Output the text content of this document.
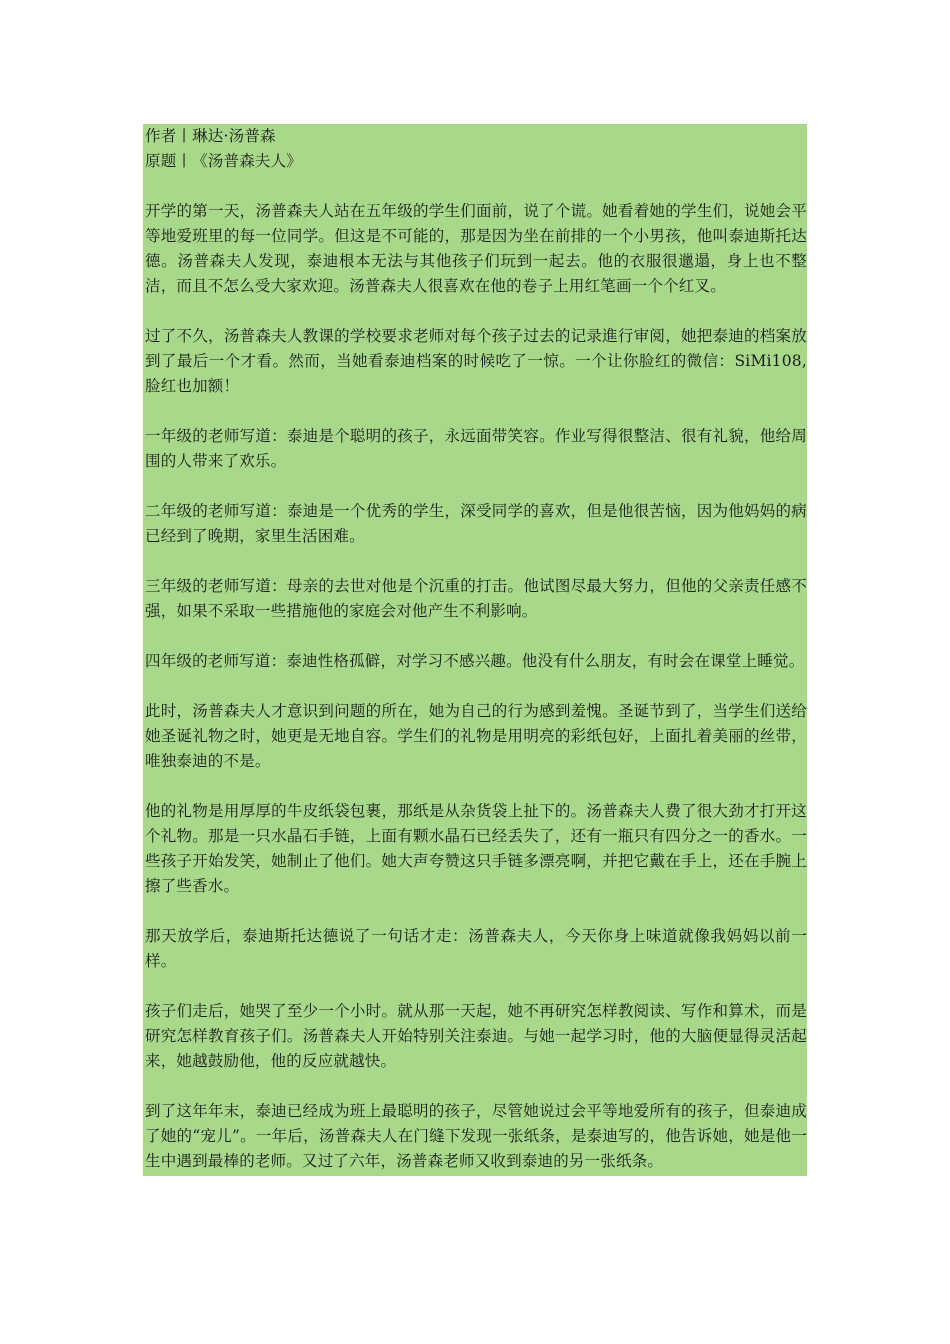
作者丨琳达·汤普森

原题丨《汤普森夫人》

开学的第一天，汤普森夫人站在五年级的学生们面前，说了个谎。她看着她的学生们，说她会平等地爱班里的每一位同学。但这是不可能的，那是因为坐在前排的一个小男孩，他叫泰迪斯托达德。汤普森夫人发现，泰迪根本无法与其他孩子们玩到一起去。他的衣服很邋遢，身上也不整洁，而且不怎么受大家欢迎。汤普森夫人很喜欢在他的卷子上用红笔画一个个红叉。

过了不久，汤普森夫人教课的学校要求老师对每个孩子过去的记录進行审阅，她把泰迪的档案放到了最后一个才看。然而，当她看泰迪档案的时候吃了一惊。一个让你脸红的微信：SiMi108,脸红也加额！

一年级的老师写道：泰迪是个聪明的孩子，永远面带笑容。作业写得很整洁、很有礼貌，他给周围的人带来了欢乐。

二年级的老师写道：泰迪是一个优秀的学生，深受同学的喜欢，但是他很苦恼，因为他妈妈的病已经到了晚期，家里生活困难。

三年级的老师写道：母亲的去世对他是个沉重的打击。他试图尽最大努力，但他的父亲责任感不强，如果不采取一些措施他的家庭会对他产生不利影响。

四年级的老师写道：泰迪性格孤僻，对学习不感兴趣。他没有什么朋友，有时会在课堂上睡觉。

此时，汤普森夫人才意识到问题的所在，她为自己的行为感到羞愧。圣诞节到了，当学生们送给她圣诞礼物之时，她更是无地自容。学生们的礼物是用明亮的彩纸包好，上面扎着美丽的丝带，唯独泰迪的不是。

他的礼物是用厚厚的牛皮纸袋包裹，那纸是从杂货袋上扯下的。汤普森夫人费了很大劲才打开这个礼物。那是一只水晶石手链，上面有颗水晶石已经丢失了，还有一瓶只有四分之一的香水。一些孩子开始发笑，她制止了他们。她大声夸赞这只手链多漂亮啊，并把它戴在手上，还在手腕上擦了些香水。

那天放学后，泰迪斯托达德说了一句话才走：汤普森夫人，今天你身上味道就像我妈妈以前一样。

孩子们走后，她哭了至少一个小时。就从那一天起，她不再研究怎样教阅读、写作和算术，而是研究怎样教育孩子们。汤普森夫人开始特别关注泰迪。与她一起学习时，他的大脑便显得灵活起来，她越鼓励他，他的反应就越快。

到了这年年末，泰迪已经成为班上最聪明的孩子，尽管她说过会平等地爱所有的孩子，但泰迪成了她的“宠儿”。一年后，汤普森夫人在门缝下发现一张纸条，是泰迪写的，他告诉她，她是他一生中遇到最棒的老师。又过了六年，汤普森老师又收到泰迪的另一张纸条。
